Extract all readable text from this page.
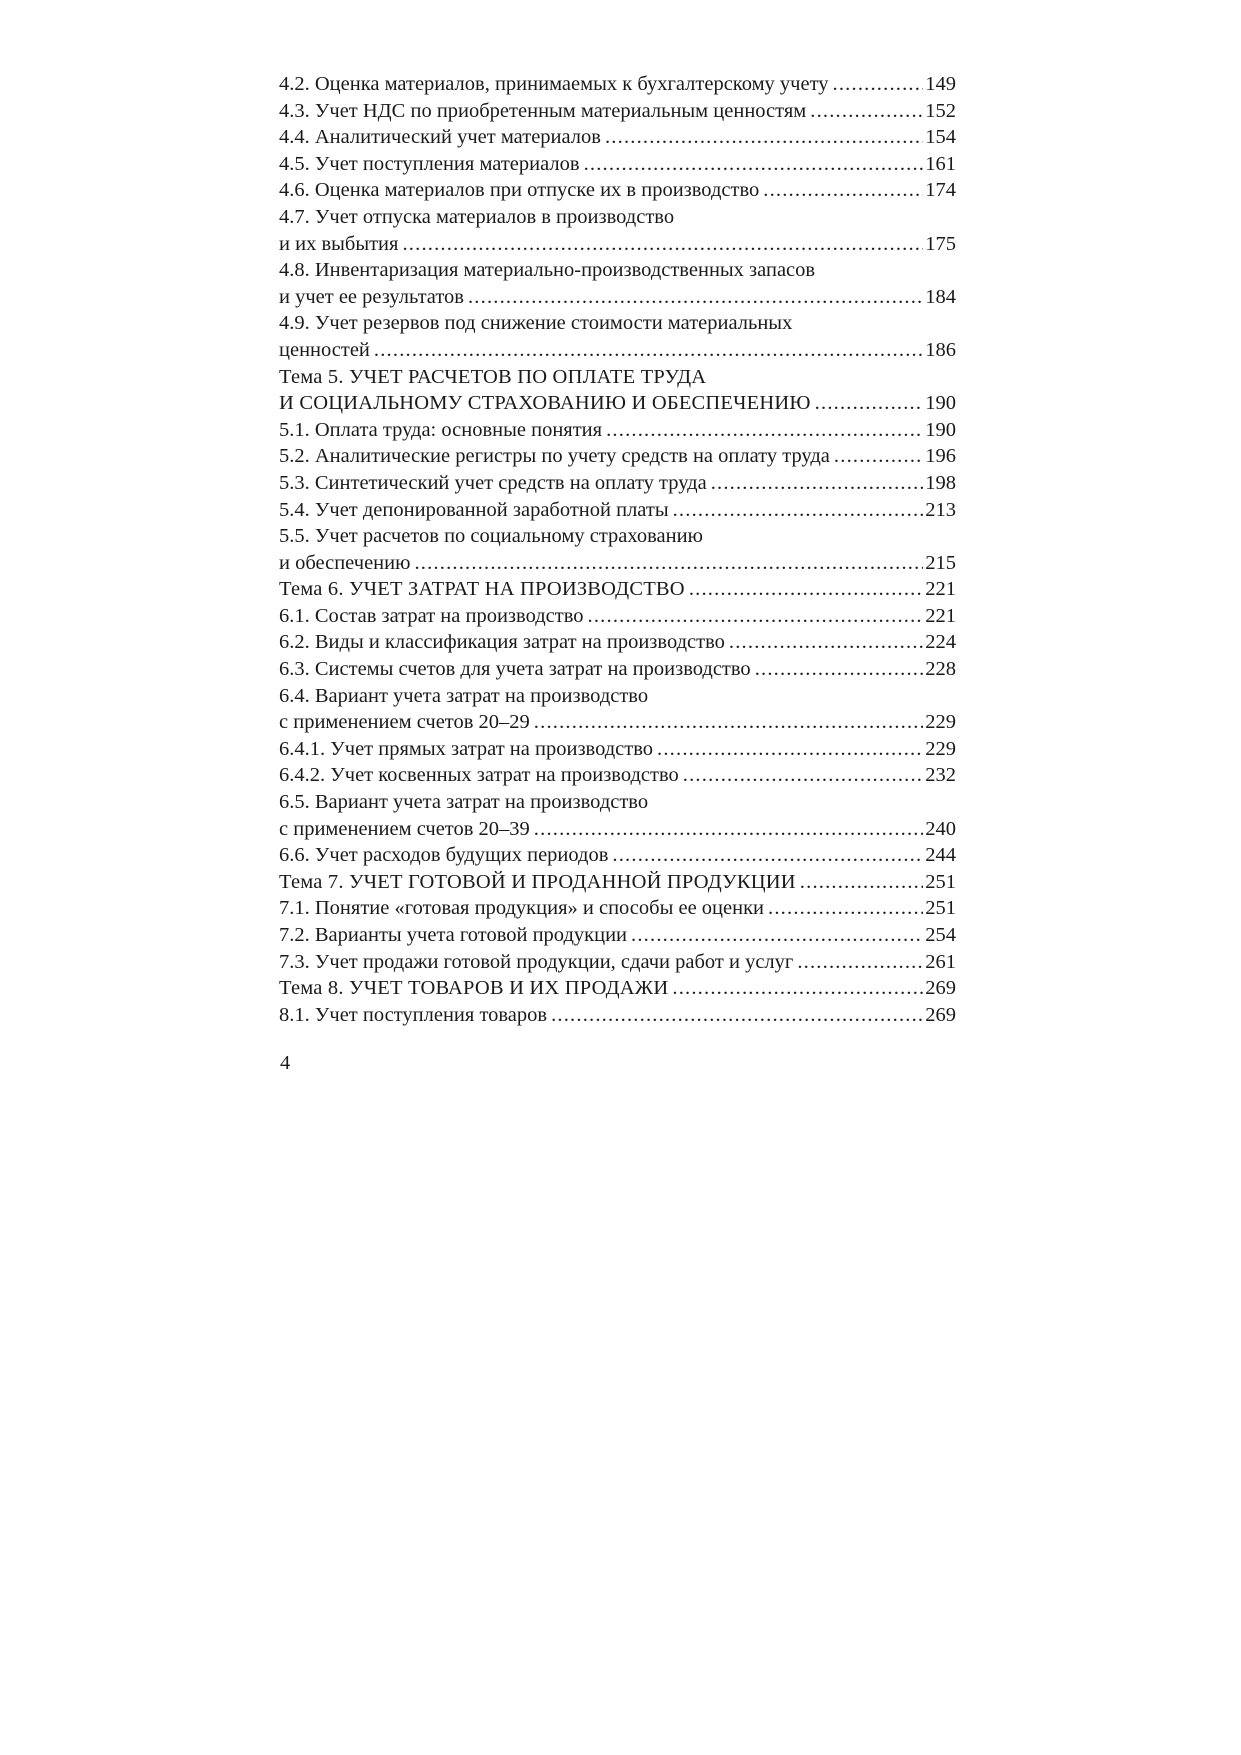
4.2. Оценка материалов, принимаемых к бухгалтерскому учету .....	149
4.3. Учет НДС по приобретенным материальным ценностям .....	152
4.4. Аналитический учет материалов .....	154
4.5. Учет поступления материалов .....	161
4.6. Оценка материалов при отпуске их в производство .....	174
4.7. Учет отпуска материалов в производство
и их выбытия .....	175
4.8. Инвентаризация материально-производственных запасов
и учет ее результатов .....	184
4.9. Учет резервов под снижение стоимости материальных
ценностей .....	186
Тема 5. УЧЕТ РАСЧЕТОВ ПО ОПЛАТЕ ТРУДА
И СОЦИАЛЬНОМУ СТРАХОВАНИЮ И ОБЕСПЕЧЕНИЮ .....	190
5.1. Оплата труда: основные понятия .....	190
5.2. Аналитические регистры по учету средств на оплату труда .....	196
5.3. Синтетический учет средств на оплату труда .....	198
5.4. Учет депонированной заработной платы .....	213
5.5. Учет расчетов по социальному страхованию
и обеспечению .....	215
Тема 6. УЧЕТ ЗАТРАТ НА ПРОИЗВОДСТВО .....	221
6.1. Состав затрат на производство .....	221
6.2. Виды и классификация затрат на производство .....	224
6.3. Системы счетов для учета затрат на производство .....	228
6.4. Вариант учета затрат на производство
с применением счетов 20–29 .....	229
6.4.1. Учет прямых затрат на производство .....	229
6.4.2. Учет косвенных затрат на производство .....	232
6.5. Вариант учета затрат на производство
с применением счетов 20–39 .....	240
6.6. Учет расходов будущих периодов .....	244
Тема 7. УЧЕТ ГОТОВОЙ И ПРОДАННОЙ ПРОДУКЦИИ .....	251
7.1. Понятие «готовая продукция» и способы ее оценки .....	251
7.2. Варианты учета готовой продукции .....	254
7.3. Учет продажи готовой продукции, сдачи работ и услуг .....	261
Тема 8. УЧЕТ ТОВАРОВ И ИХ ПРОДАЖИ .....	269
8.1. Учет поступления товаров .....	269
4
